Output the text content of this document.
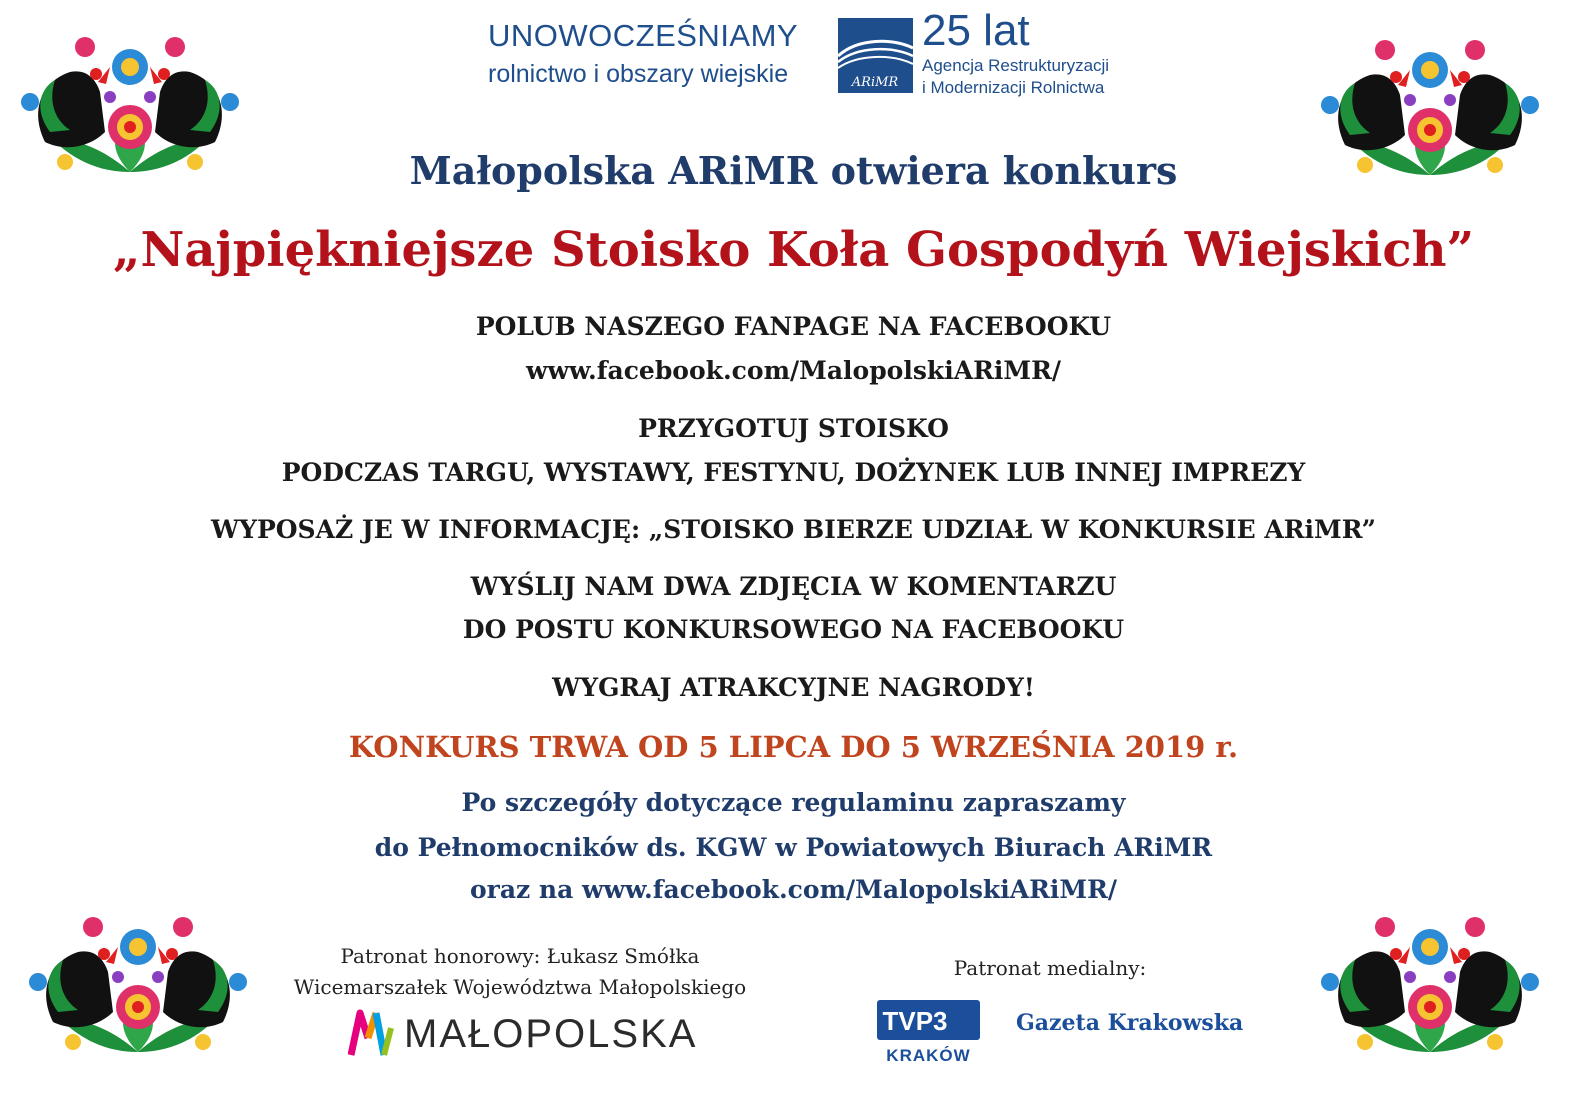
UNOWOCZEŚNIAMY
rolnictwo i obszary wiejskie	ARiMR
25 lat
Agencja Restrukturyzacji
i Modernizacji Rolnictwa
Małopolska ARiMR otwiera konkurs
„Najpiękniejsze Stoisko Koła Gospodyń Wiejskich”
POLUB NASZEGO FANPAGE NA FACEBOOKU
www.facebook.com/MalopolskiARiMR/
PRZYGOTUJ STOISKO
PODCZAS TARGU, WYSTAWY, FESTYNU, DOŻYNEK LUB INNEJ IMPREZY
WYPOSAŻ JE W INFORMACJĘ: „STOISKO BIERZE UDZIAŁ W KONKURSIE ARiMR”
WYŚLIJ NAM DWA ZDJĘCIA W KOMENTARZU
DO POSTU KONKURSOWEGO NA FACEBOOKU
WYGRAJ ATRAKCYJNE NAGRODY!
KONKURS TRWA OD 5 LIPCA DO 5 WRZEŚNIA 2019 r.
Po szczegóły dotyczące regulaminu zapraszamy
do Pełnomocników ds. KGW w Powiatowych Biurach ARiMR
oraz na www.facebook.com/MalopolskiARiMR/
Patronat honorowy: Łukasz Smółka
Wicemarszałek Województwa Małopolskiego
MAŁOPOLSKA
Patronat medialny:
TVP3
KRAKÓW
Gazeta Krakowska
